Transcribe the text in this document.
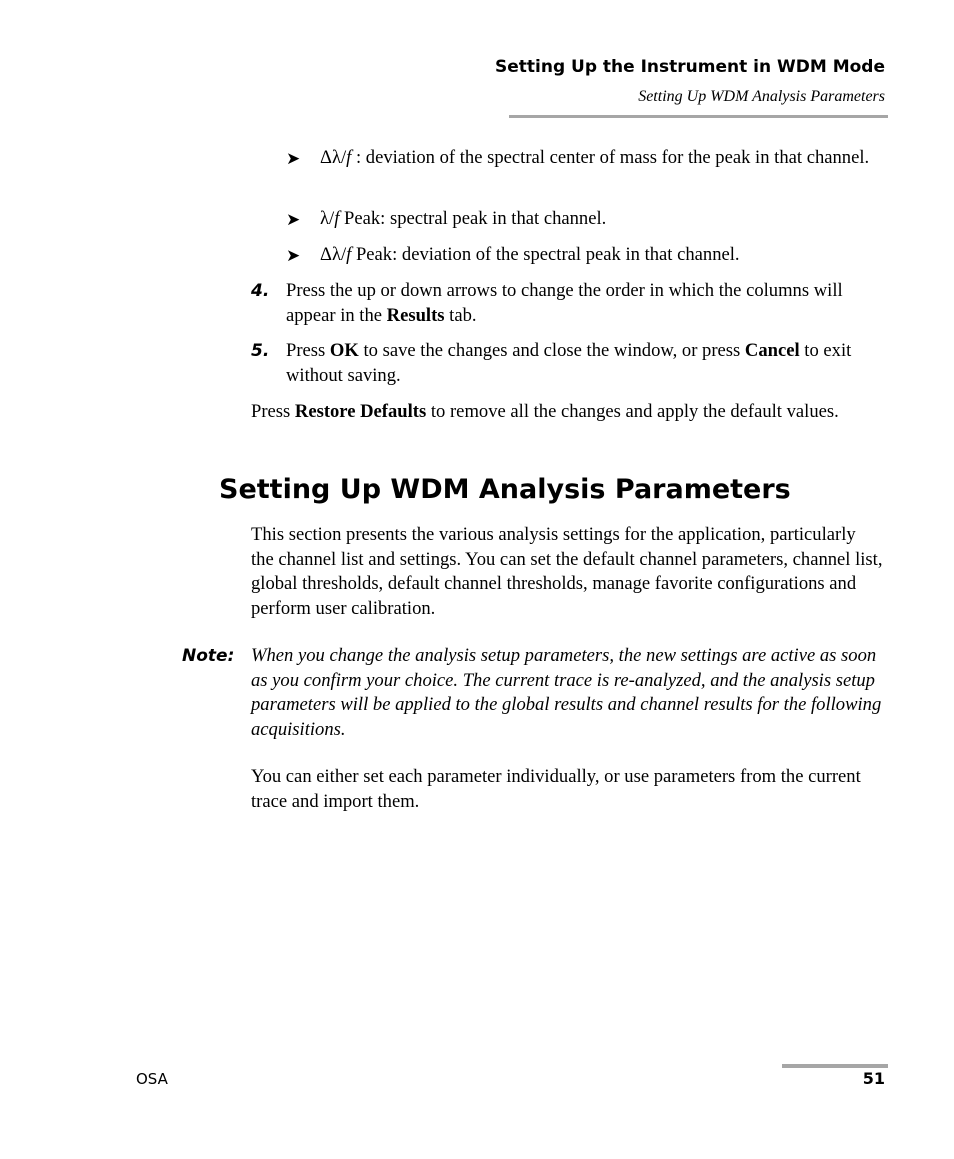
Setting Up the Instrument in WDM Mode
Setting Up WDM Analysis Parameters
➤ Δλ/f : deviation of the spectral center of mass for the peak in that channel.
➤ λ/f Peak: spectral peak in that channel.
➤ Δλ/f Peak: deviation of the spectral peak in that channel.
4. Press the up or down arrows to change the order in which the columns will appear in the Results tab.
5. Press OK to save the changes and close the window, or press Cancel to exit without saving.
Press Restore Defaults to remove all the changes and apply the default values.
Setting Up WDM Analysis Parameters
This section presents the various analysis settings for the application, particularly the channel list and settings. You can set the default channel parameters, channel list, global thresholds, default channel thresholds, manage favorite configurations and perform user calibration.
Note: When you change the analysis setup parameters, the new settings are active as soon as you confirm your choice. The current trace is re-analyzed, and the analysis setup parameters will be applied to the global results and channel results for the following acquisitions.
You can either set each parameter individually, or use parameters from the current trace and import them.
OSA	51
